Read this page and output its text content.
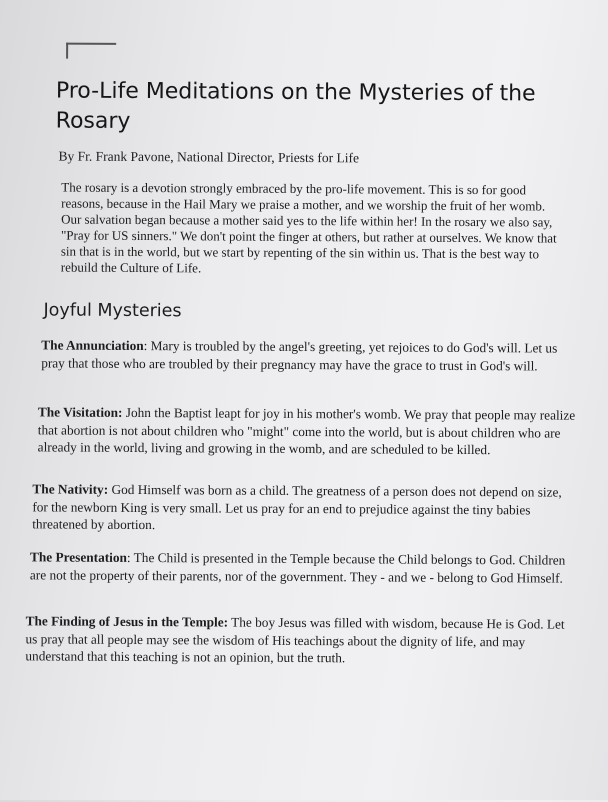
Pro-Life Meditations on the Mysteries of the Rosary

By Fr. Frank Pavone, National Director, Priests for Life

The rosary is a devotion strongly embraced by the pro-life movement. This is so for good reasons, because in the Hail Mary we praise a mother, and we worship the fruit of her womb. Our salvation began because a mother said yes to the life within her! In the rosary we also say, "Pray for US sinners." We don't point the finger at others, but rather at ourselves. We know that sin that is in the world, but we start by repenting of the sin within us. That is the best way to rebuild the Culture of Life.

Joyful Mysteries

The Annunciation: Mary is troubled by the angel's greeting, yet rejoices to do God's will. Let us pray that those who are troubled by their pregnancy may have the grace to trust in God's will.

The Visitation: John the Baptist leapt for joy in his mother's womb. We pray that people may realize that abortion is not about children who "might" come into the world, but is about children who are already in the world, living and growing in the womb, and are scheduled to be killed.

The Nativity: God Himself was born as a child. The greatness of a person does not depend on size, for the newborn King is very small. Let us pray for an end to prejudice against the tiny babies threatened by abortion.

The Presentation: The Child is presented in the Temple because the Child belongs to God. Children are not the property of their parents, nor of the government. They - and we - belong to God Himself.

The Finding of Jesus in the Temple: The boy Jesus was filled with wisdom, because He is God. Let us pray that all people may see the wisdom of His teachings about the dignity of life, and may understand that this teaching is not an opinion, but the truth.
